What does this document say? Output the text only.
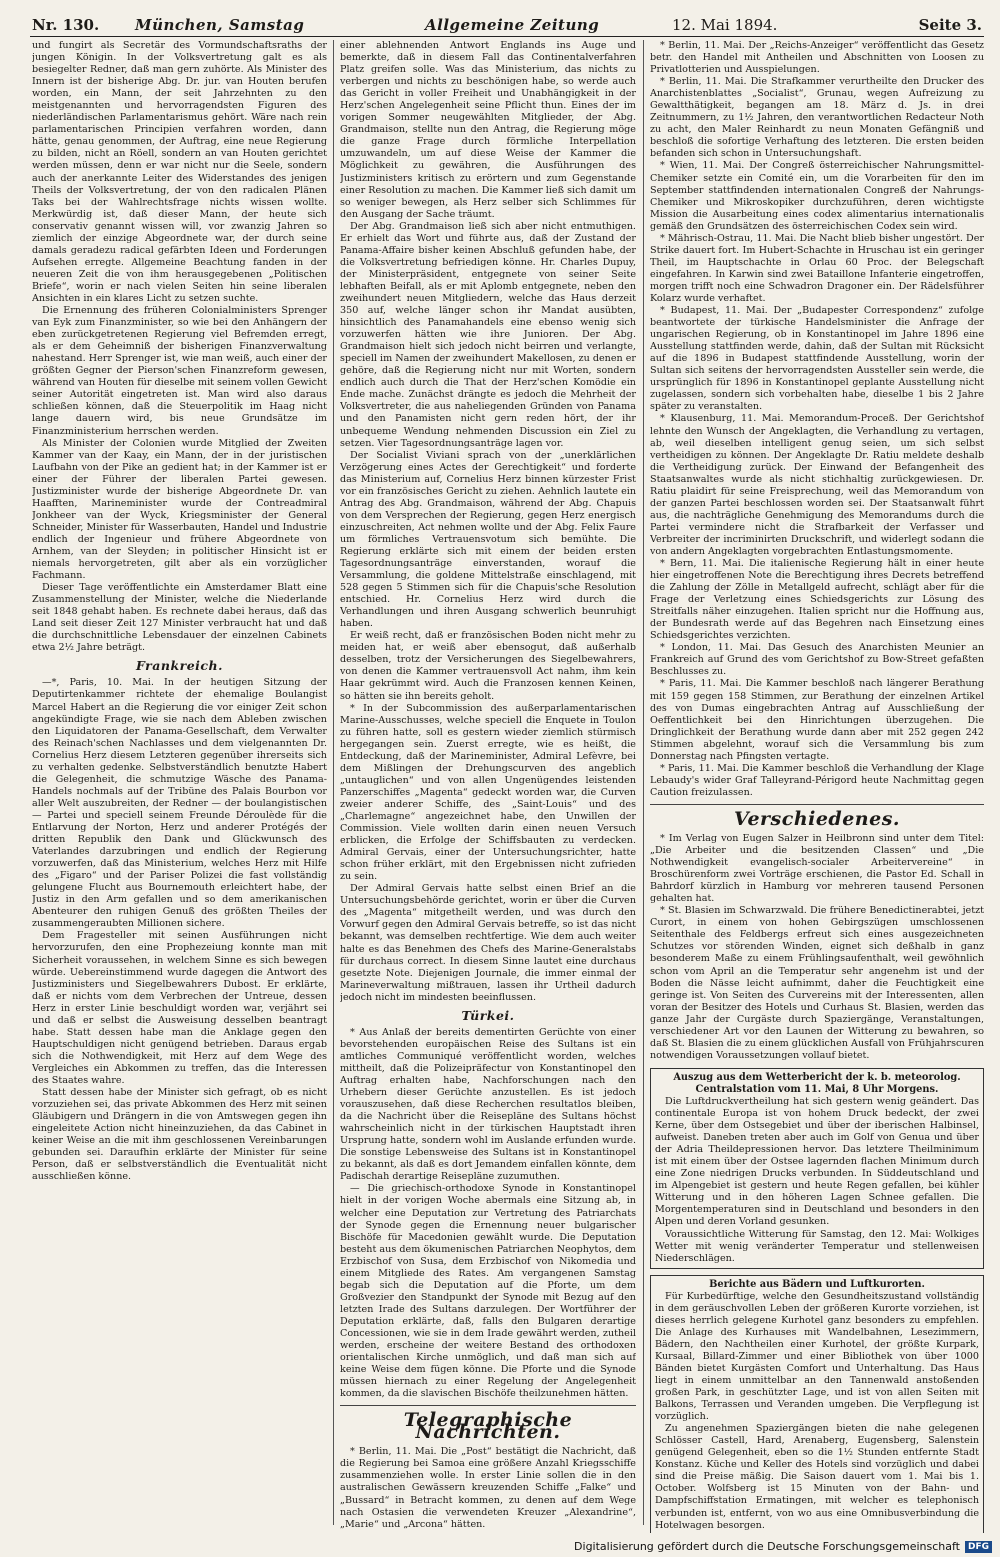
Nr. 130. München, Samstag	Allgemeine Zeitung	12. Mai 1894.	Seite 3.

und fungirt als Secretär des Vormundschaftsraths der jungen Königin. In der Volksvertretung galt es als besiegelter Redner, daß man gern zuhörte. Als Minister des Innern ist der bisherige Abg. Dr. jur. van Houten berufen worden, ein Mann, der seit Jahrzehnten zu den meistgenannten und hervorragendsten Figuren des niederländischen Parlamentarismus gehört. Wäre nach rein parlamentarischen Principien verfahren worden, dann hätte, genau genommen, der Auftrag, eine neue Regierung zu bilden, nicht an Röell, sondern an van Houten gerichtet werden müssen, denn er war nicht nur die Seele, sondern auch der anerkannte Leiter des Widerstandes des jenigen Theils der Volksvertretung, der von den radicalen Plänen Taks bei der Wahlrechtsfrage nichts wissen wollte. Merkwürdig ist, daß dieser Mann, der heute sich conservativ genannt wissen will, vor zwanzig Jahren so ziemlich der einzige Abgeordnete war, der durch seine damals geradezu radical gefärbten Ideen und Forderungen Aufsehen erregte. Allgemeine Beachtung fanden in der neueren Zeit die von ihm herausgegebenen „Politischen Briefe“, worin er nach vielen Seiten hin seine liberalen Ansichten in ein klares Licht zu setzen suchte.

Die Ernennung des früheren Colonialministers Sprenger van Eyk zum Finanzminister, so wie bei den Anhängern der eben zurückgetretenen Regierung viel Befremden erregt, als er dem Geheimniß der bisherigen Finanzverwaltung nahestand. Herr Sprenger ist, wie man weiß, auch einer der größten Gegner der Pierson'schen Finanzreform gewesen, während van Houten für dieselbe mit seinem vollen Gewicht seiner Autorität eingetreten ist. Man wird also daraus schließen können, daß die Steuerpolitik im Haag nicht lange dauern wird, bis neue Grundsätze im Finanzministerium herrschen werden.

Als Minister der Colonien wurde Mitglied der Zweiten Kammer van der Kaay, ein Mann, der in der juristischen Laufbahn von der Pike an gedient hat; in der Kammer ist er einer der Führer der liberalen Partei gewesen. Justizminister wurde der bisherige Abgeordnete Dr. van Haafften, Marineminister wurde der Contreadmiral Jonkheer van der Wyck, Kriegsminister der General Schneider, Minister für Wasserbauten, Handel und Industrie endlich der Ingenieur und frühere Abgeordnete von Arnhem, van der Sleyden; in politischer Hinsicht ist er niemals hervorgetreten, gilt aber als ein vorzüglicher Fachmann.

Dieser Tage veröffentlichte ein Amsterdamer Blatt eine Zusammenstellung der Minister, welche die Niederlande seit 1848 gehabt haben. Es rechnete dabei heraus, daß das Land seit dieser Zeit 127 Minister verbraucht hat und daß die durchschnittliche Lebensdauer der einzelnen Cabinets etwa 2½ Jahre beträgt.

Frankreich.

—*, Paris, 10. Mai. In der heutigen Sitzung der Deputirtenkammer richtete der ehemalige Boulangist Marcel Habert an die Regierung die vor einiger Zeit schon angekündigte Frage, wie sie nach dem Ableben zwischen den Liquidatoren der Panama-Gesellschaft, dem Verwalter des Reinach'schen Nachlasses und dem vielgenannten Dr. Cornelius Herz diesem Letzteren gegenüber ihrerseits sich zu verhalten gedenke. Selbstverständlich benutzte Habert die Gelegenheit, die schmutzige Wäsche des Panama-Handels nochmals auf der Tribüne des Palais Bourbon vor aller Welt auszubreiten, der Redner — der boulangistischen — Partei und speciell seinem Freunde Déroulède für die Entlarvung der Norton, Herz und anderer Protégés der dritten Republik den Dank und Glückwunsch des Vaterlandes darzubringen und endlich der Regierung vorzuwerfen, daß das Ministerium, welches Herz mit Hilfe des „Figaro“ und der Pariser Polizei die fast vollständig gelungene Flucht aus Bournemouth erleichtert habe, der Justiz in den Arm gefallen und so dem amerikanischen Abenteurer den ruhigen Genuß des größten Theiles der zusammengeraubten Millionen sichere.

Dem Fragesteller mit seinen Ausführungen nicht hervorzurufen, den eine Prophezeiung konnte man mit Sicherheit voraussehen, in welchem Sinne es sich bewegen würde. Uebereinstimmend wurde dagegen die Antwort des Justizministers und Siegelbewahrers Dubost. Er erklärte, daß er nichts vom dem Verbrechen der Untreue, dessen Herz in erster Linie beschuldigt worden war, verjährt sei und daß er selbst die Ausweisung desselben beantragt habe. Statt dessen habe man die Anklage gegen den Hauptschuldigen nicht genügend betrieben. Daraus ergab sich die Nothwendigkeit, mit Herz auf dem Wege des Vergleiches ein Abkommen zu treffen, das die Interessen des Staates wahre.

Statt dessen habe der Minister sich gefragt, ob es nicht vorzuziehen sei, das private Abkommen des Herz mit seinen Gläubigern und Drängern in die von Amtswegen gegen ihn eingeleitete Action nicht hineinzuziehen, da das Cabinet in keiner Weise an die mit ihm geschlossenen Vereinbarungen gebunden sei. Daraufhin erklärte der Minister für seine Person, daß er selbstverständlich die Eventualität nicht ausschließen könne.

einer ablehnenden Antwort Englands ins Auge und bemerkte, daß in diesem Fall das Continentalverfahren Platz greifen solle. Was das Ministerium, das nichts zu verbergen und nichts zu beschönigen habe, so werde auch das Gericht in voller Freiheit und Unabhängigkeit in der Herz'schen Angelegenheit seine Pflicht thun. Eines der im vorigen Sommer neugewählten Mitglieder, der Abg. Grandmaison, stellte nun den Antrag, die Regierung möge die ganze Frage durch förmliche Interpellation umzuwandeln, um auf diese Weise der Kammer die Möglichkeit zu gewähren, die Ausführungen des Justizministers kritisch zu erörtern und zum Gegenstande einer Resolution zu machen. Die Kammer ließ sich damit um so weniger bewegen, als Herz selber sich Schlimmes für den Ausgang der Sache träumt.

Der Abg. Grandmaison ließ sich aber nicht entmuthigen. Er erhielt das Wort und führte aus, daß der Zustand der Panama-Affaire bisher keinen Abschluß gefunden habe, der die Volksvertretung befriedigen könne. Hr. Charles Dupuy, der Ministerpräsident, entgegnete von seiner Seite lebhaften Beifall, als er mit Aplomb entgegnete, neben den zweihundert neuen Mitgliedern, welche das Haus derzeit 350 auf, welche länger schon ihr Mandat ausübten, hinsichtlich des Panamahandels eine ebenso wenig sich vorzuwerfen hätten wie ihre Junioren. Der Abg. Grandmaison hielt sich jedoch nicht beirren und verlangte, speciell im Namen der zweihundert Makellosen, zu denen er gehöre, daß die Regierung nicht nur mit Worten, sondern endlich auch durch die That der Herz'schen Komödie ein Ende mache. Zunächst drängte es jedoch die Mehrheit der Volksvertreter, die aus naheliegenden Gründen von Panama und den Panamisten nicht gern reden hört, der ihr unbequeme Wendung nehmenden Discussion ein Ziel zu setzen. Vier Tagesordnungsanträge lagen vor.

Der Socialist Viviani sprach von der „unerklärlichen Verzögerung eines Actes der Gerechtigkeit“ und forderte das Ministerium auf, Cornelius Herz binnen kürzester Frist vor ein französisches Gericht zu ziehen. Aehnlich lautete ein Antrag des Abg. Grandmaison, während der Abg. Chapuis von dem Versprechen der Regierung, gegen Herz energisch einzuschreiten, Act nehmen wollte und der Abg. Felix Faure um förmliches Vertrauensvotum sich bemühte. Die Regierung erklärte sich mit einem der beiden ersten Tagesordnungsanträge einverstanden, worauf die Versammlung, die goldene Mittelstraße einschlagend, mit 528 gegen 5 Stimmen sich für die Chapuis'sche Resolution entschied. Hr. Cornelius Herz wird durch die Verhandlungen und ihren Ausgang schwerlich beunruhigt haben.

Er weiß recht, daß er französischen Boden nicht mehr zu meiden hat, er weiß aber ebensogut, daß außerhalb desselben, trotz der Versicherungen des Siegelbewahrers, von denen die Kammer vertrauensvoll Act nahm, ihm kein Haar gekrümmt wird. Auch die Franzosen kennen Keinen, so hätten sie ihn bereits geholt.

* In der Subcommission des außerparlamentarischen Marine-Ausschusses, welche speciell die Enquete in Toulon zu führen hatte, soll es gestern wieder ziemlich stürmisch hergegangen sein. Zuerst erregte, wie es heißt, die Entdeckung, daß der Marineminister, Admiral Lefèvre, bei dem Mißlingen der Drehungscurven des angeblich „untauglichen“ und von allen Ungenügendes leistenden Panzerschiffes „Magenta“ gedeckt worden war, die Curven zweier anderer Schiffe, des „Saint-Louis“ und des „Charlemagne“ angezeichnet habe, den Unwillen der Commission. Viele wollten darin einen neuen Versuch erblicken, die Erfolge der Schiffsbauten zu verdecken. Admiral Gervais, einer der Untersuchungsrichter, hatte schon früher erklärt, mit den Ergebnissen nicht zufrieden zu sein.

Der Admiral Gervais hatte selbst einen Brief an die Untersuchungsbehörde gerichtet, worin er über die Curven des „Magenta“ mitgetheilt werden, und was durch den Vorwurf gegen den Admiral Gervais betreffe, so ist das nicht bekannt, was demselben rechtfertige. Wie dem auch weiter halte es das Benehmen des Chefs des Marine-Generalstabs für durchaus correct. In diesem Sinne lautet eine durchaus gesetzte Note. Diejenigen Journale, die immer einmal der Marineverwaltung mißtrauen, lassen ihr Urtheil dadurch jedoch nicht im mindesten beeinflussen.

Türkei.

* Aus Anlaß der bereits dementirten Gerüchte von einer bevorstehenden europäischen Reise des Sultans ist ein amtliches Communiqué veröffentlicht worden, welches mittheilt, daß die Polizeipräfectur von Konstantinopel den Auftrag erhalten habe, Nachforschungen nach den Urhebern dieser Gerüchte anzustellen. Es ist jedoch vorauszusehen, daß diese Recherchen resultatlos bleiben, da die Nachricht über die Reisepläne des Sultans höchst wahrscheinlich nicht in der türkischen Hauptstadt ihren Ursprung hatte, sondern wohl im Auslande erfunden wurde. Die sonstige Lebensweise des Sultans ist in Konstantinopel zu bekannt, als daß es dort Jemandem einfallen könnte, dem Padischah derartige Reisepläne zuzumuthen.

— Die griechisch-orthodoxe Synode in Konstantinopel hielt in der vorigen Woche abermals eine Sitzung ab, in welcher eine Deputation zur Vertretung des Patriarchats der Synode gegen die Ernennung neuer bulgarischer Bischöfe für Macedonien gewählt wurde. Die Deputation besteht aus dem ökumenischen Patriarchen Neophytos, dem Erzbischof von Susa, dem Erzbischof von Nikomedia und einem Mitgliede des Rates. Am vergangenen Samstag begab sich die Deputation auf die Pforte, um dem Großvezier den Standpunkt der Synode mit Bezug auf den letzten Irade des Sultans darzulegen. Der Wortführer der Deputation erklärte, daß, falls den Bulgaren derartige Concessionen, wie sie in dem Irade gewährt werden, zutheil werden, erscheine der weitere Bestand des orthodoxen orientalischen Kirche unmöglich, und daß man sich auf keine Weise dem fügen könne. Die Pforte und die Synode müssen hiernach zu einer Regelung der Angelegenheit kommen, da die slavischen Bischöfe theilzunehmen hätten.

Telegraphische Nachrichten.

* Berlin, 11. Mai. Die „Post“ bestätigt die Nachricht, daß die Regierung bei Samoa eine größere Anzahl Kriegsschiffe zusammenziehen wolle. In erster Linie sollen die in den australischen Gewässern kreuzenden Schiffe „Falke“ und „Bussard“ in Betracht kommen, zu denen auf dem Wege nach Ostasien die verwendeten Kreuzer „Alexandrine“, „Marie“ und „Arcona“ hätten.

* Berlin, 11. Mai. Der „Reichs-Anzeiger“ veröffentlicht das Gesetz betr. den Handel mit Antheilen und Abschnitten von Loosen zu Privatlotterien und Ausspielungen.

* Berlin, 11. Mai. Die Strafkammer verurtheilte den Drucker des Anarchistenblattes „Socialist“, Grunau, wegen Aufreizung zu Gewaltthätigkeit, begangen am 18. März d. Js. in drei Zeitnummern, zu 1½ Jahren, den verantwortlichen Redacteur Noth zu acht, den Maler Reinhardt zu neun Monaten Gefängniß und beschloß die sofortige Verhaftung des letzteren. Die ersten beiden befanden sich schon in Untersuchungshaft.

* Wien, 11. Mai. Der Congreß österreichischer Nahrungsmittel-Chemiker setzte ein Comité ein, um die Vorarbeiten für den im September stattfindenden internationalen Congreß der Nahrungs-Chemiker und Mikroskopiker durchzuführen, deren wichtigste Mission die Ausarbeitung eines codex alimentarius internationalis gemäß den Grundsätzen des österreichischen Codex sein wird.

* Mährisch-Ostrau, 11. Mai. Die Nacht blieb bisher ungestört. Der Strike dauert fort. Im Hubert-Schachte in Hruschau ist ein geringer Theil, im Hauptschachte in Orlau 60 Proc. der Belegschaft eingefahren. In Karwin sind zwei Bataillone Infanterie eingetroffen, morgen trifft noch eine Schwadron Dragoner ein. Der Rädelsführer Kolarz wurde verhaftet.

* Budapest, 11. Mai. Der „Budapester Correspondenz“ zufolge beantwortete der türkische Handelsminister die Anfrage der ungarischen Regierung, ob in Konstantinopel im Jahre 1896 eine Ausstellung stattfinden werde, dahin, daß der Sultan mit Rücksicht auf die 1896 in Budapest stattfindende Ausstellung, worin der Sultan sich seitens der hervorragendsten Aussteller sein werde, die ursprünglich für 1896 in Konstantinopel geplante Ausstellung nicht zugelassen, sondern sich vorbehalten habe, dieselbe 1 bis 2 Jahre später zu veranstalten.

* Klausenburg, 11. Mai. Memorandum-Proceß. Der Gerichtshof lehnte den Wunsch der Angeklagten, die Verhandlung zu vertagen, ab, weil dieselben intelligent genug seien, um sich selbst vertheidigen zu können. Der Angeklagte Dr. Ratiu meldete deshalb die Vertheidigung zurück. Der Einwand der Befangenheit des Staatsanwaltes wurde als nicht stichhaltig zurückgewiesen. Dr. Ratiu plaidirt für seine Freisprechung, weil das Memorandum von der ganzen Partei beschlossen worden sei. Der Staatsanwalt führt aus, die nachträgliche Genehmigung des Memorandums durch die Partei vermindere nicht die Strafbarkeit der Verfasser und Verbreiter der incriminirten Druckschrift, und widerlegt sodann die von andern Angeklagten vorgebrachten Entlastungsmomente.

* Bern, 11. Mai. Die italienische Regierung hält in einer heute hier eingetroffenen Note die Berechtigung ihres Decrets betreffend die Zahlung der Zölle in Metallgeld aufrecht, schlägt aber für die Frage der Verletzung eines Schiedsgerichts zur Lösung des Streitfalls näher einzugehen. Italien spricht nur die Hoffnung aus, der Bundesrath werde auf das Begehren nach Einsetzung eines Schiedsgerichtes verzichten.

* London, 11. Mai. Das Gesuch des Anarchisten Meunier an Frankreich auf Grund des vom Gerichtshof zu Bow-Street gefaßten Beschlusses zu.

* Paris, 11. Mai. Die Kammer beschloß nach längerer Berathung mit 159 gegen 158 Stimmen, zur Berathung der einzelnen Artikel des von Dumas eingebrachten Antrag auf Ausschließung der Oeffentlichkeit bei den Hinrichtungen überzugehen. Die Dringlichkeit der Berathung wurde dann aber mit 252 gegen 242 Stimmen abgelehnt, worauf sich die Versammlung bis zum Donnerstag nach Pfingsten vertagte.

* Paris, 11. Mai. Die Kammer beschloß die Verhandlung der Klage Lebaudy's wider Graf Talleyrand-Périgord heute Nachmittag gegen Caution freizulassen.

Verschiedenes.

* Im Verlag von Eugen Salzer in Heilbronn sind unter dem Titel: „Die Arbeiter und die besitzenden Classen“ und „Die Nothwendigkeit evangelisch-socialer Arbeitervereine“ in Broschürenform zwei Vorträge erschienen, die Pastor Ed. Schall in Bahrdorf kürzlich in Hamburg vor mehreren tausend Personen gehalten hat.

* St. Blasien im Schwarzwald. Die frühere Benedictinerabtei, jetzt Curort, in einem von hohen Gebirgszügen umschlossenen Seitenthale des Feldbergs erfreut sich eines ausgezeichneten Schutzes vor störenden Winden, eignet sich deßhalb in ganz besonderem Maße zu einem Frühlingsaufenthalt, weil gewöhnlich schon vom April an die Temperatur sehr angenehm ist und der Boden die Nässe leicht aufnimmt, daher die Feuchtigkeit eine geringe ist. Von Seiten des Curvereins mit der Interessenten, allen voran der Besitzer des Hotels und Curhaus St. Blasien, werden das ganze Jahr der Curgäste durch Spaziergänge, Veranstaltungen, verschiedener Art vor den Launen der Witterung zu bewahren, so daß St. Blasien die zu einem glücklichen Ausfall von Frühjahrscuren notwendigen Voraussetzungen vollauf bietet.

Auszug aus dem Wetterbericht der k. b. meteorolog. Centralstation vom 11. Mai, 8 Uhr Morgens.

Die Luftdruckvertheilung hat sich gestern wenig geändert. Das continentale Europa ist von hohem Druck bedeckt, der zwei Kerne, über dem Ostsegebiet und über der iberischen Halbinsel, aufweist. Daneben treten aber auch im Golf von Genua und über der Adria Theildepressionen hervor. Das letztere Theilminimum ist mit einem über der Ostsee lagernden flachen Minimum durch eine Zone niedrigen Drucks verbunden. In Süddeutschland und im Alpengebiet ist gestern und heute Regen gefallen, bei kühler Witterung und in den höheren Lagen Schnee gefallen. Die Morgentemperaturen sind in Deutschland und besonders in den Alpen und deren Vorland gesunken.

Voraussichtliche Witterung für Samstag, den 12. Mai: Wolkiges Wetter mit wenig veränderter Temperatur und stellenweisen Niederschlägen.

Berichte aus Bädern und Luftkurorten.

Für Kurbedürftige, welche den Gesundheitszustand vollständig in dem geräuschvollen Leben der größeren Kurorte vorziehen, ist dieses herrlich gelegene Kurhotel ganz besonders zu empfehlen. Die Anlage des Kurhauses mit Wandelbahnen, Lesezimmern, Bädern, den Nachtheilen einer Kurhotel, der größte Kurpark, Kursaal, Billard-Zimmer und einer Bibliothek von über 1000 Bänden bietet Kurgästen Comfort und Unterhaltung. Das Haus liegt in einem unmittelbar an den Tannenwald anstoßenden großen Park, in geschützter Lage, und ist von allen Seiten mit Balkons, Terrassen und Veranden umgeben. Die Verpflegung ist vorzüglich.

Zu angenehmen Spaziergängen bieten die nahe gelegenen Schlösser Castell, Hard, Arenaberg, Eugensberg, Salenstein genügend Gelegenheit, eben so die 1½ Stunden entfernte Stadt Konstanz. Küche und Keller des Hotels sind vorzüglich und dabei sind die Preise mäßig. Die Saison dauert vom 1. Mai bis 1. October. Wolfsberg ist 15 Minuten von der Bahn- und Dampfschiffstation Ermatingen, mit welcher es telephonisch verbunden ist, entfernt, von wo aus eine Omnibusverbindung die Hotelwagen besorgen.

Digitalisierung gefördert durch die Deutsche Forschungsgemeinschaft DFG
